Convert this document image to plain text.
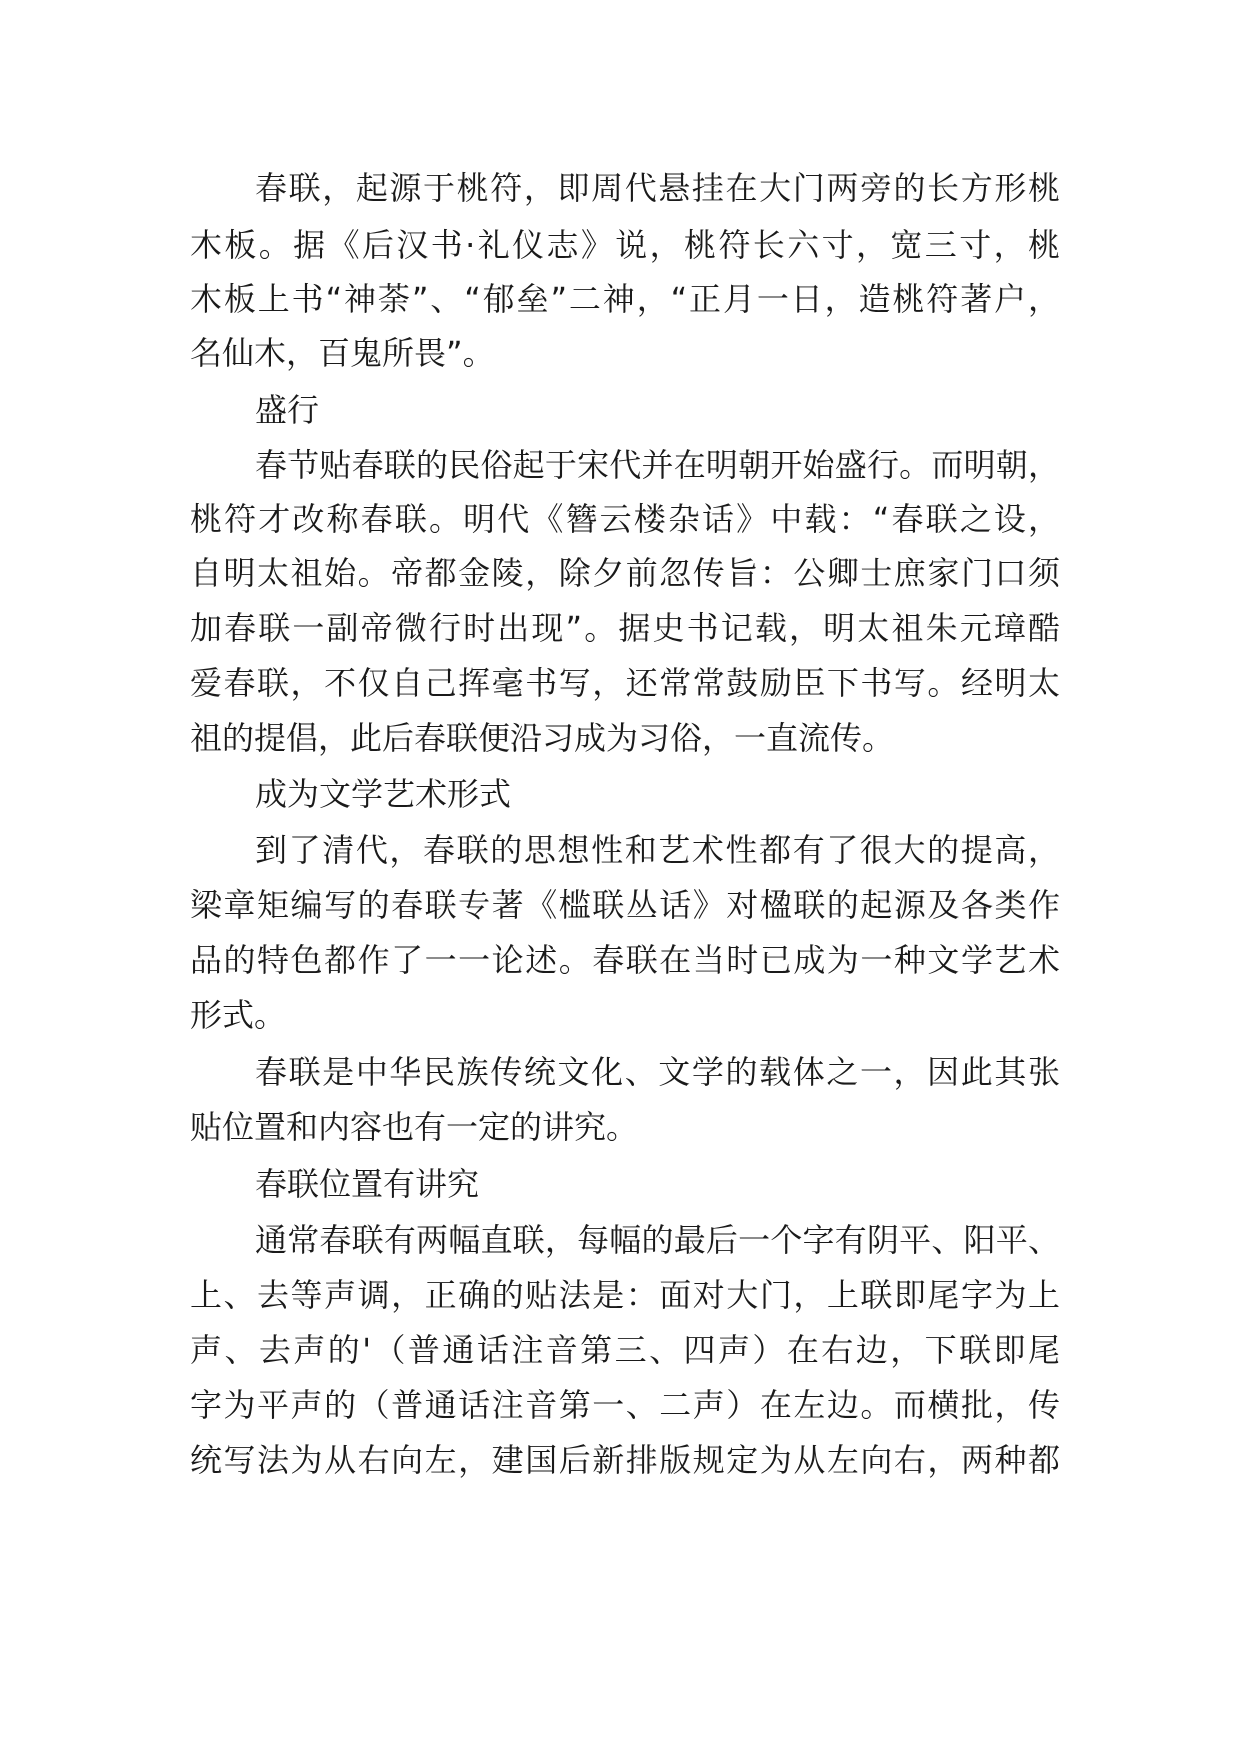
春联，起源于桃符，即周代悬挂在大门两旁的长方形桃
木板。据《后汉书·礼仪志》说，桃符长六寸，宽三寸，桃
木板上书“神荼”、“郁垒”二神，“正月一日，造桃符著户，
名仙木，百鬼所畏”。
盛行
春节贴春联的民俗起于宋代并在明朝开始盛行。而明朝，
桃符才改称春联。明代《簪云楼杂话》中载：“春联之设，
自明太祖始。帝都金陵，除夕前忽传旨：公卿士庶家门口须
加春联一副帝微行时出现”。据史书记载，明太祖朱元璋酷
爱春联，不仅自己挥毫书写，还常常鼓励臣下书写。经明太
祖的提倡，此后春联便沿习成为习俗，一直流传。
成为文学艺术形式
到了清代，春联的思想性和艺术性都有了很大的提高，
梁章矩编写的春联专著《槛联丛话》对楹联的起源及各类作
品的特色都作了一一论述。春联在当时已成为一种文学艺术
形式。
春联是中华民族传统文化、文学的载体之一，因此其张
贴位置和内容也有一定的讲究。
春联位置有讲究
通常春联有两幅直联，每幅的最后一个字有阴平、阳平、
上、去等声调，正确的贴法是：面对大门，上联即尾字为上
声、去声的'（普通话注音第三、四声）在右边，下联即尾
字为平声的（普通话注音第一、二声）在左边。而横批，传
统写法为从右向左，建国后新排版规定为从左向右，两种都
